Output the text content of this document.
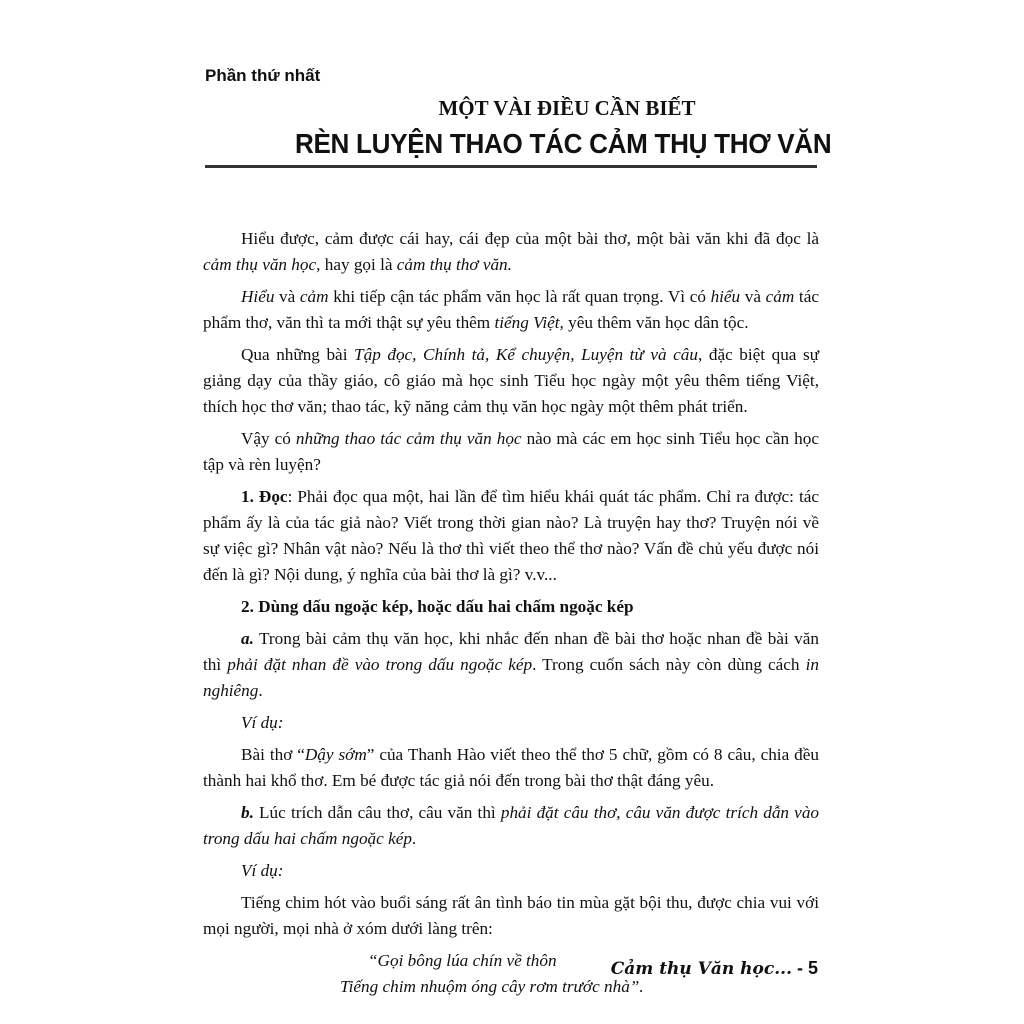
Phần thứ nhất
MỘT VÀI ĐIỀU CẦN BIẾT
RÈN LUYỆN THAO TÁC CẢM THỤ THƠ VĂN

Hiểu được, cảm được cái hay, cái đẹp của một bài thơ, một bài văn khi đã đọc là cảm thụ văn học, hay gọi là cảm thụ thơ văn.

Hiểu và cảm khi tiếp cận tác phẩm văn học là rất quan trọng. Vì có hiểu và cảm tác phẩm thơ, văn thì ta mới thật sự yêu thêm tiếng Việt, yêu thêm văn học dân tộc.

Qua những bài Tập đọc, Chính tả, Kể chuyện, Luyện từ và câu, đặc biệt qua sự giảng dạy của thầy giáo, cô giáo mà học sinh Tiểu học ngày một yêu thêm tiếng Việt, thích học thơ văn; thao tác, kỹ năng cảm thụ văn học ngày một thêm phát triển.

Vậy có những thao tác cảm thụ văn học nào mà các em học sinh Tiểu học cần học tập và rèn luyện?

1. Đọc: Phải đọc qua một, hai lần để tìm hiểu khái quát tác phẩm. Chỉ ra được: tác phẩm ấy là của tác giả nào? Viết trong thời gian nào? Là truyện hay thơ? Truyện nói về sự việc gì? Nhân vật nào? Nếu là thơ thì viết theo thể thơ nào? Vấn đề chủ yếu được nói đến là gì? Nội dung, ý nghĩa của bài thơ là gì? v.v...

2. Dùng dấu ngoặc kép, hoặc dấu hai chấm ngoặc kép

a. Trong bài cảm thụ văn học, khi nhắc đến nhan đề bài thơ hoặc nhan đề bài văn thì phải đặt nhan đề vào trong dấu ngoặc kép. Trong cuốn sách này còn dùng cách in nghiêng.

Ví dụ:

Bài thơ “Dậy sớm” của Thanh Hào viết theo thể thơ 5 chữ, gồm có 8 câu, chia đều thành hai khổ thơ. Em bé được tác giả nói đến trong bài thơ thật đáng yêu.

b. Lúc trích dẫn câu thơ, câu văn thì phải đặt câu thơ, câu văn được trích dẫn vào trong dấu hai chấm ngoặc kép.

Ví dụ:

Tiếng chim hót vào buổi sáng rất ân tình báo tin mùa gặt bội thu, được chia vui với mọi người, mọi nhà ở xóm dưới làng trên:

“Gọi bông lúa chín về thôn

Tiếng chim nhuộm óng cây rơm trước nhà”.

Cảm thụ Văn học... - 5
